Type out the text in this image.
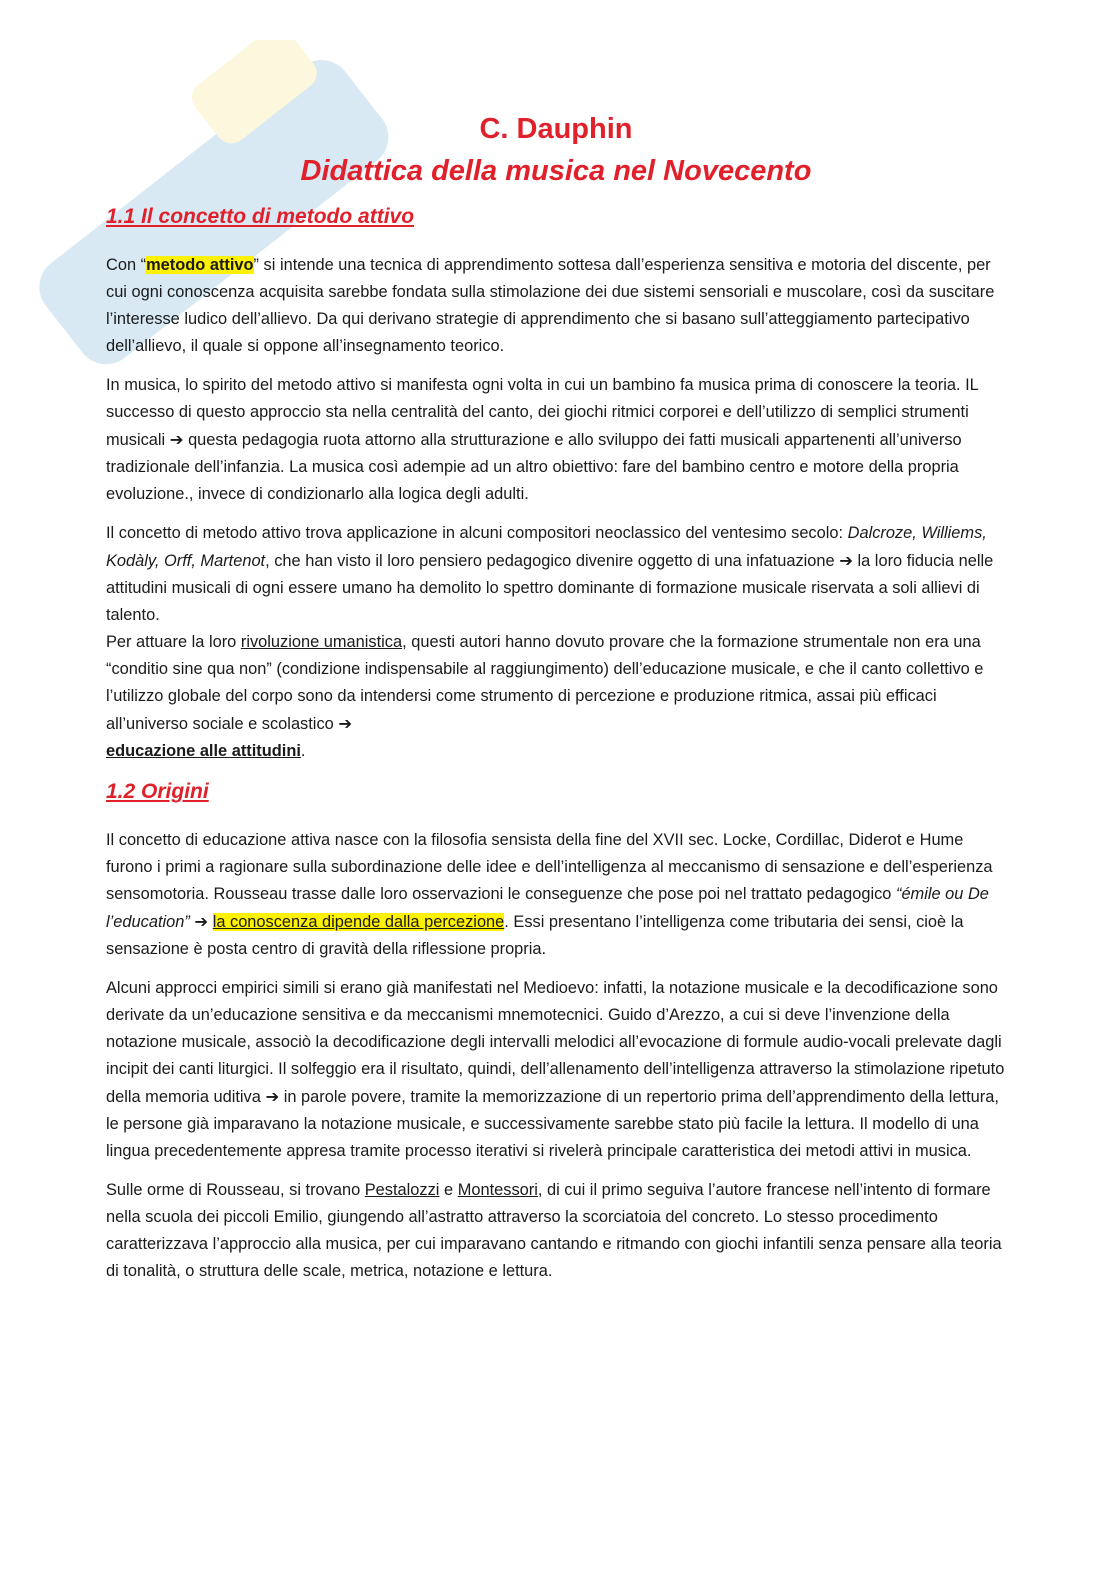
C. Dauphin
Didattica della musica nel Novecento
1.1 Il concetto di metodo attivo

Con “metodo attivo” si intende una tecnica di apprendimento sottesa dall’esperienza sensitiva e motoria del discente, per cui ogni conoscenza acquisita sarebbe fondata sulla stimolazione dei due sistemi sensoriali e muscolare, così da suscitare l’interesse ludico dell’allievo. Da qui derivano strategie di apprendimento che si basano sull’atteggiamento partecipativo dell’allievo, il quale si oppone all’insegnamento teorico.

In musica, lo spirito del metodo attivo si manifesta ogni volta in cui un bambino fa musica prima di conoscere la teoria. IL successo di questo approccio sta nella centralità del canto, dei giochi ritmici corporei e dell’utilizzo di semplici strumenti musicali ➔ questa pedagogia ruota attorno alla strutturazione e allo sviluppo dei fatti musicali appartenenti all’universo tradizionale dell’infanzia. La musica così adempie ad un altro obiettivo: fare del bambino centro e motore della propria evoluzione., invece di condizionarlo alla logica degli adulti.

Il concetto di metodo attivo trova applicazione in alcuni compositori neoclassico del ventesimo secolo: Dalcroze, Williems, Kodàly, Orff, Martenot, che han visto il loro pensiero pedagogico divenire oggetto di una infatuazione ➔ la loro fiducia nelle attitudini musicali di ogni essere umano ha demolito lo spettro dominante di formazione musicale riservata a soli allievi di talento.
Per attuare la loro rivoluzione umanistica, questi autori hanno dovuto provare che la formazione strumentale non era una “conditio sine qua non” (condizione indispensabile al raggiungimento) dell’educazione musicale, e che il canto collettivo e l’utilizzo globale del corpo sono da intendersi come strumento di percezione e produzione ritmica, assai più efficaci all’universo sociale e scolastico ➔
educazione alle attitudini.

1.2 Origini

Il concetto di educazione attiva nasce con la filosofia sensista della fine del XVII sec. Locke, Cordillac, Diderot e Hume furono i primi a ragionare sulla subordinazione delle idee e dell’intelligenza al meccanismo di sensazione e dell’esperienza sensomotoria. Rousseau trasse dalle loro osservazioni le conseguenze che pose poi nel trattato pedagogico “émile ou De l’education” ➔ la conoscenza dipende dalla percezione. Essi presentano l’intelligenza come tributaria dei sensi, cioè la sensazione è posta centro di gravità della riflessione propria.

Alcuni approcci empirici simili si erano già manifestati nel Medioevo: infatti, la notazione musicale e la decodificazione sono derivate da un’educazione sensitiva e da meccanismi mnemotecnici. Guido d’Arezzo, a cui si deve l’invenzione della notazione musicale, associò la decodificazione degli intervalli melodici all’evocazione di formule audio-vocali prelevate dagli incipit dei canti liturgici. Il solfeggio era il risultato, quindi, dell’allenamento dell’intelligenza attraverso la stimolazione ripetuto della memoria uditiva ➔ in parole povere, tramite la memorizzazione di un repertorio prima dell’apprendimento della lettura, le persone già imparavano la notazione musicale, e successivamente sarebbe stato più facile la lettura. Il modello di una lingua precedentemente appresa tramite processo iterativi si rivelerà principale caratteristica dei metodi attivi in musica.

Sulle orme di Rousseau, si trovano Pestalozzi e Montessori, di cui il primo seguiva l’autore francese nell’intento di formare nella scuola dei piccoli Emilio, giungendo all’astratto attraverso la scorciatoia del concreto. Lo stesso procedimento caratterizzava l’approccio alla musica, per cui imparavano cantando e ritmando con giochi infantili senza pensare alla teoria di tonalità, o struttura delle scale, metrica, notazione e lettura.
